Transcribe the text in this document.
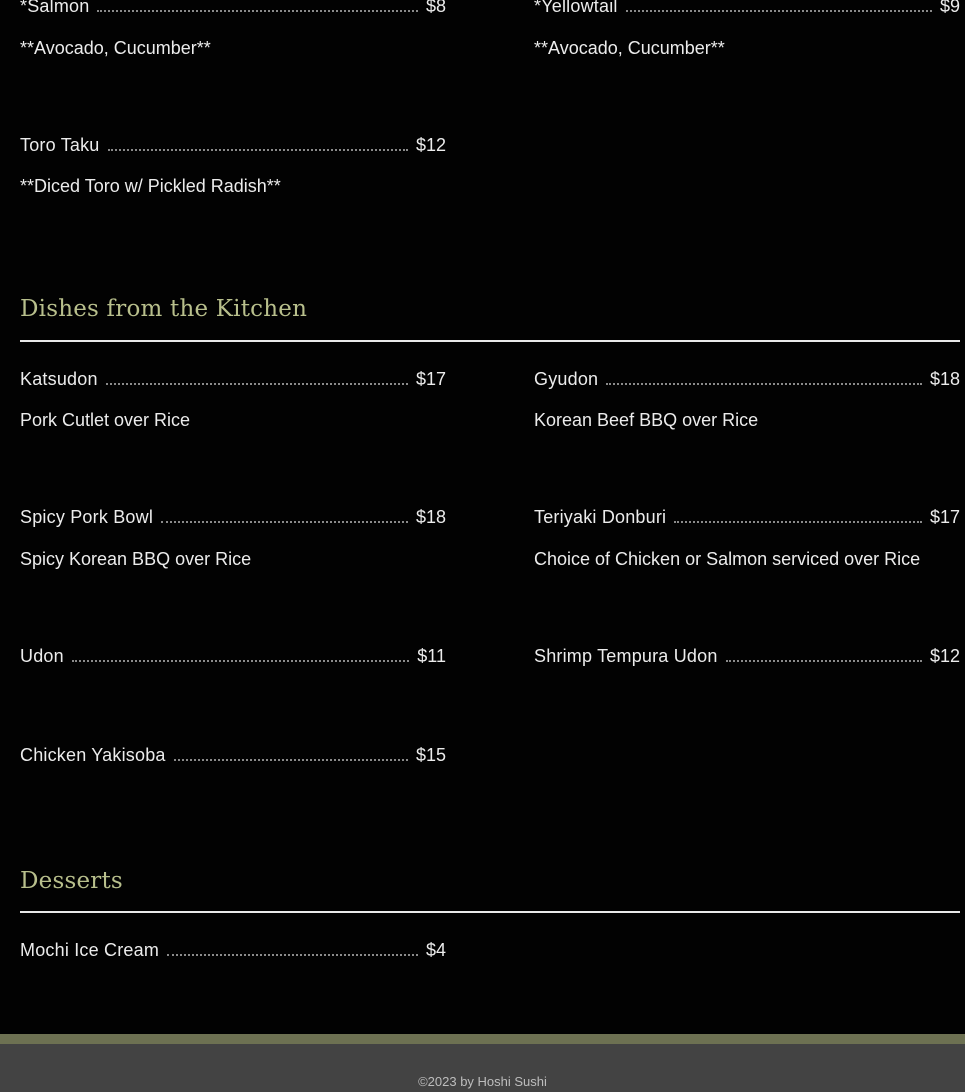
*Salmon	$8
**Avocado, Cucumber**
*Yellowtail	$9
**Avocado, Cucumber**
Toro Taku	$12
**Diced Toro w/ Pickled Radish**
Dishes from the Kitchen
Katsudon	$17
Pork Cutlet over Rice
Gyudon	$18
Korean Beef BBQ over Rice
Spicy Pork Bowl	$18
Spicy Korean BBQ over Rice
Teriyaki Donburi	$17
Choice of Chicken or Salmon serviced over Rice
Udon	$11	Shrimp Tempura Udon	$12
Chicken Yakisoba	$15
Desserts
Mochi Ice Cream	$4
©2023 by Hoshi Sushi
